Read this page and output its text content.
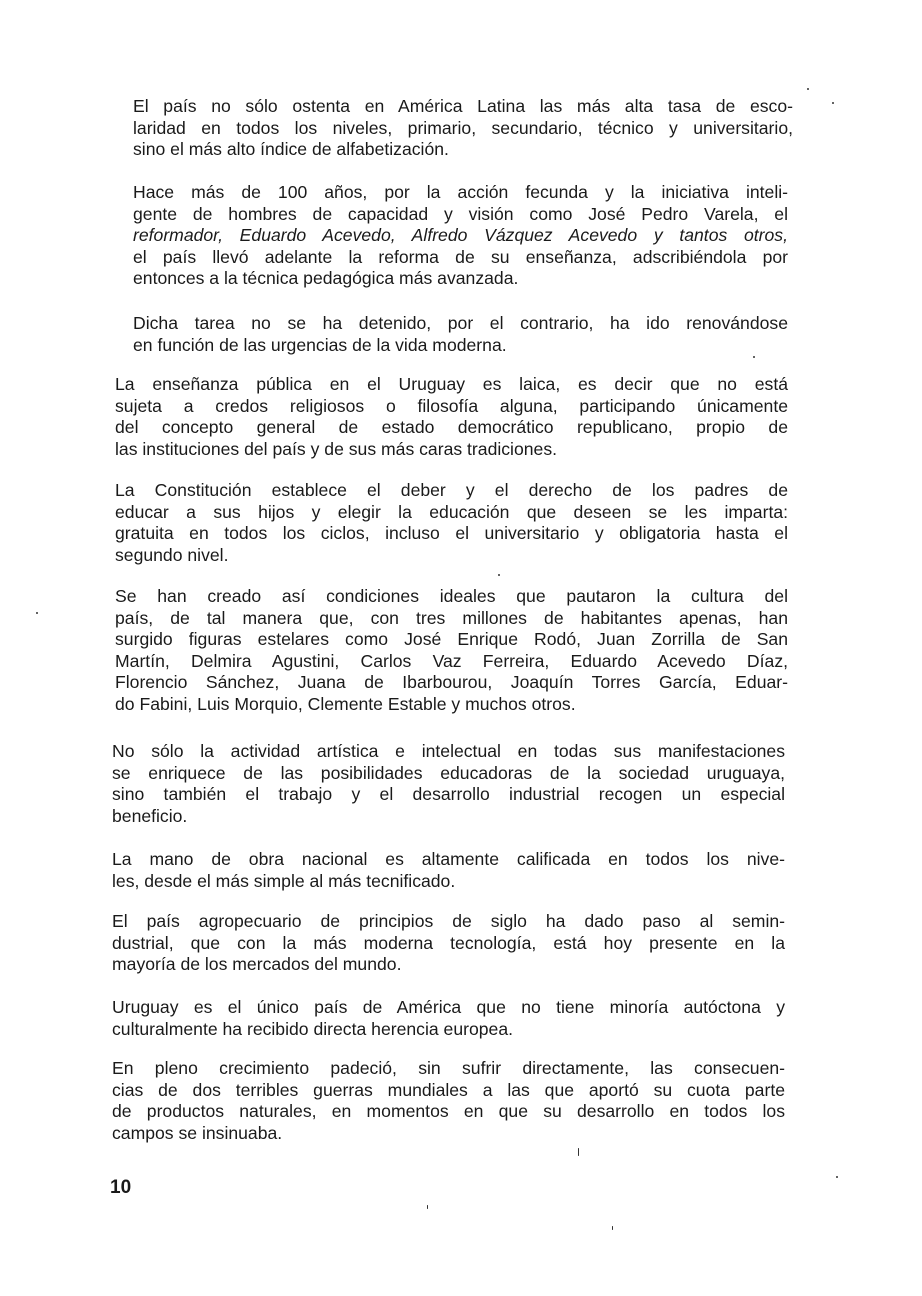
El país no sólo ostenta en América Latina las más alta tasa de esco-
laridad en todos los niveles, primario, secundario, técnico y universitario,
sino el más alto índice de alfabetización.

Hace más de 100 años, por la acción fecunda y la iniciativa inteli-
gente de hombres de capacidad y visión como José Pedro Varela, el
reformador, Eduardo Acevedo, Alfredo Vázquez Acevedo y tantos otros,
el país llevó adelante la reforma de su enseñanza, adscribiéndola por
entonces a la técnica pedagógica más avanzada.

Dicha tarea no se ha detenido, por el contrario, ha ido renovándose
en función de las urgencias de la vida moderna.

La enseñanza pública en el Uruguay es laica, es decir que no está
sujeta a credos religiosos o filosofía alguna, participando únicamente
del concepto general de estado democrático republicano, propio de
las instituciones del país y de sus más caras tradiciones.

La Constitución establece el deber y el derecho de los padres de
educar a sus hijos y elegir la educación que deseen se les imparta:
gratuita en todos los ciclos, incluso el universitario y obligatoria hasta el
segundo nivel.

Se han creado así condiciones ideales que pautaron la cultura del
país, de tal manera que, con tres millones de habitantes apenas, han
surgido figuras estelares como José Enrique Rodó, Juan Zorrilla de San
Martín, Delmira Agustini, Carlos Vaz Ferreira, Eduardo Acevedo Díaz,
Florencio Sánchez, Juana de Ibarbourou, Joaquín Torres García, Eduar-
do Fabini, Luis Morquio, Clemente Estable y muchos otros.

No sólo la actividad artística e intelectual en todas sus manifestaciones
se enriquece de las posibilidades educadoras de la sociedad uruguaya,
sino también el trabajo y el desarrollo industrial recogen un especial
beneficio.

La mano de obra nacional es altamente calificada en todos los nive-
les, desde el más simple al más tecnificado.

El país agropecuario de principios de siglo ha dado paso al semin-
dustrial, que con la más moderna tecnología, está hoy presente en la
mayoría de los mercados del mundo.

Uruguay es el único país de América que no tiene minoría autóctona y
culturalmente ha recibido directa herencia europea.

En pleno crecimiento padeció, sin sufrir directamente, las consecuen-
cias de dos terribles guerras mundiales a las que aportó su cuota parte
de productos naturales, en momentos en que su desarrollo en todos los
campos se insinuaba.

10
